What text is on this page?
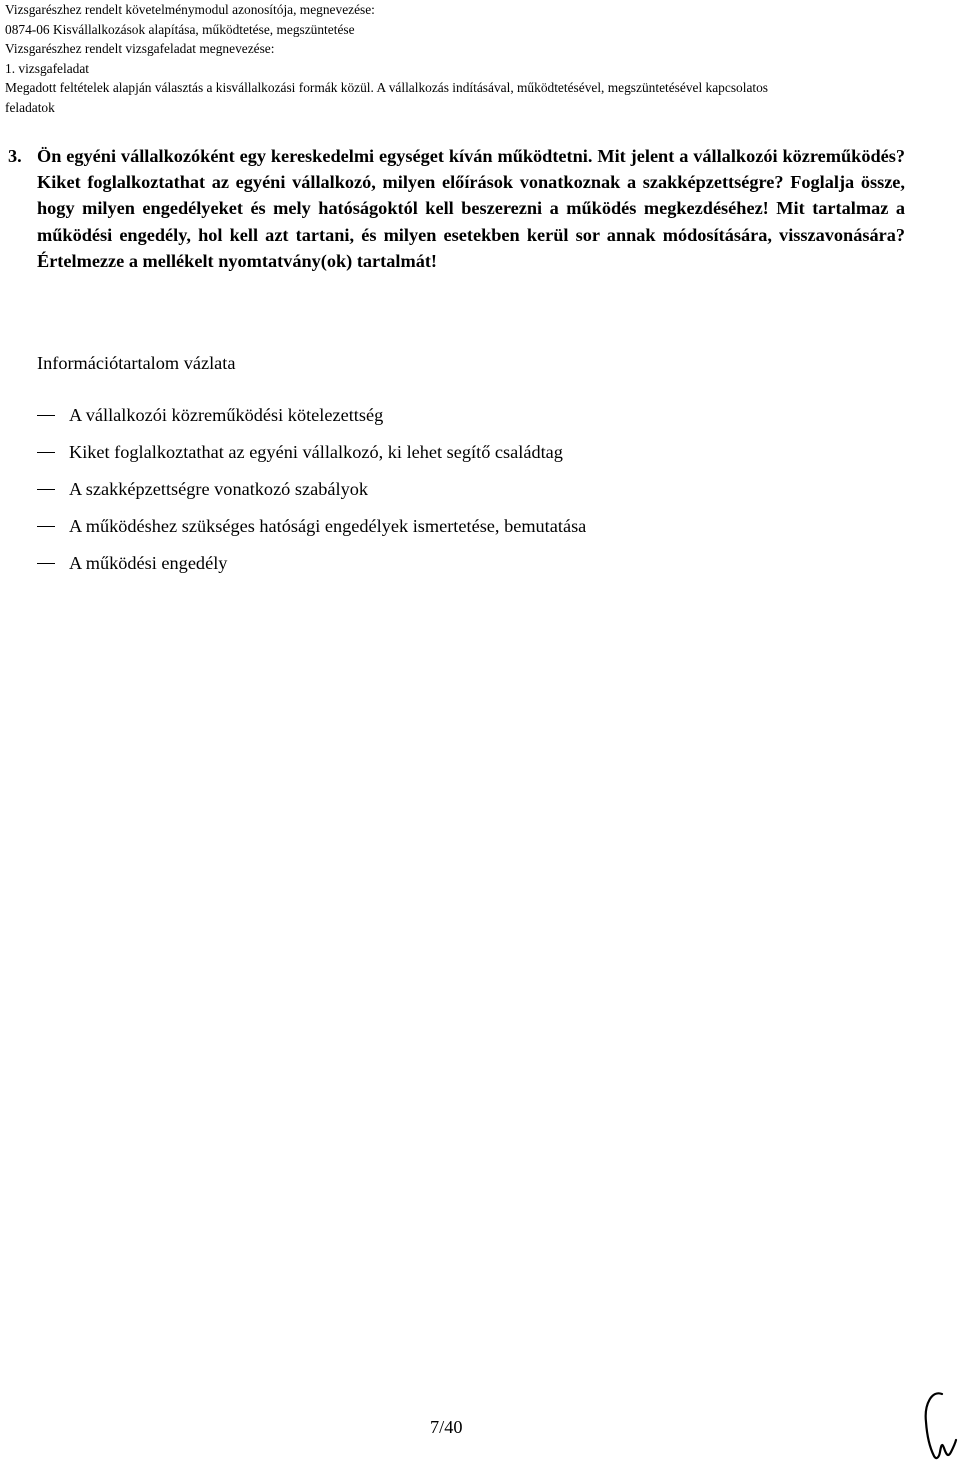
Vizsgarészhez rendelt követelménymodul azonosítója, megnevezése:
0874-06 Kisvállalkozások alapítása, működtetése, megszüntetése
Vizsgarészhez rendelt vizsgafeladat megnevezése:
1. vizsgafeladat
Megadott feltételek alapján választás a kisvállalkozási formák közül. A vállalkozás indításával, működtetésével, megszüntetésével kapcsolatos
feladatok
3. Ön egyéni vállalkozóként egy kereskedelmi egységet kíván működtetni. Mit jelent a vállalkozói közreműködés? Kiket foglalkoztathat az egyéni vállalkozó, milyen előírások vonatkoznak a szakképzettségre? Foglalja össze, hogy milyen engedélyeket és mely hatóságoktól kell beszerezni a működés megkezdéséhez! Mit tartalmaz a működési engedély, hol kell azt tartani, és milyen esetekben kerül sor annak módosítására, visszavonására? Értelmezze a mellékelt nyomtatvány(ok) tartalmát!
Információtartalom vázlata
A vállalkozói közreműködési kötelezettség
Kiket foglalkoztathat az egyéni vállalkozó, ki lehet segítő családtag
A szakképzettségre vonatkozó szabályok
A működéshez szükséges hatósági engedélyek ismertetése, bemutatása
A működési engedély
7/40
